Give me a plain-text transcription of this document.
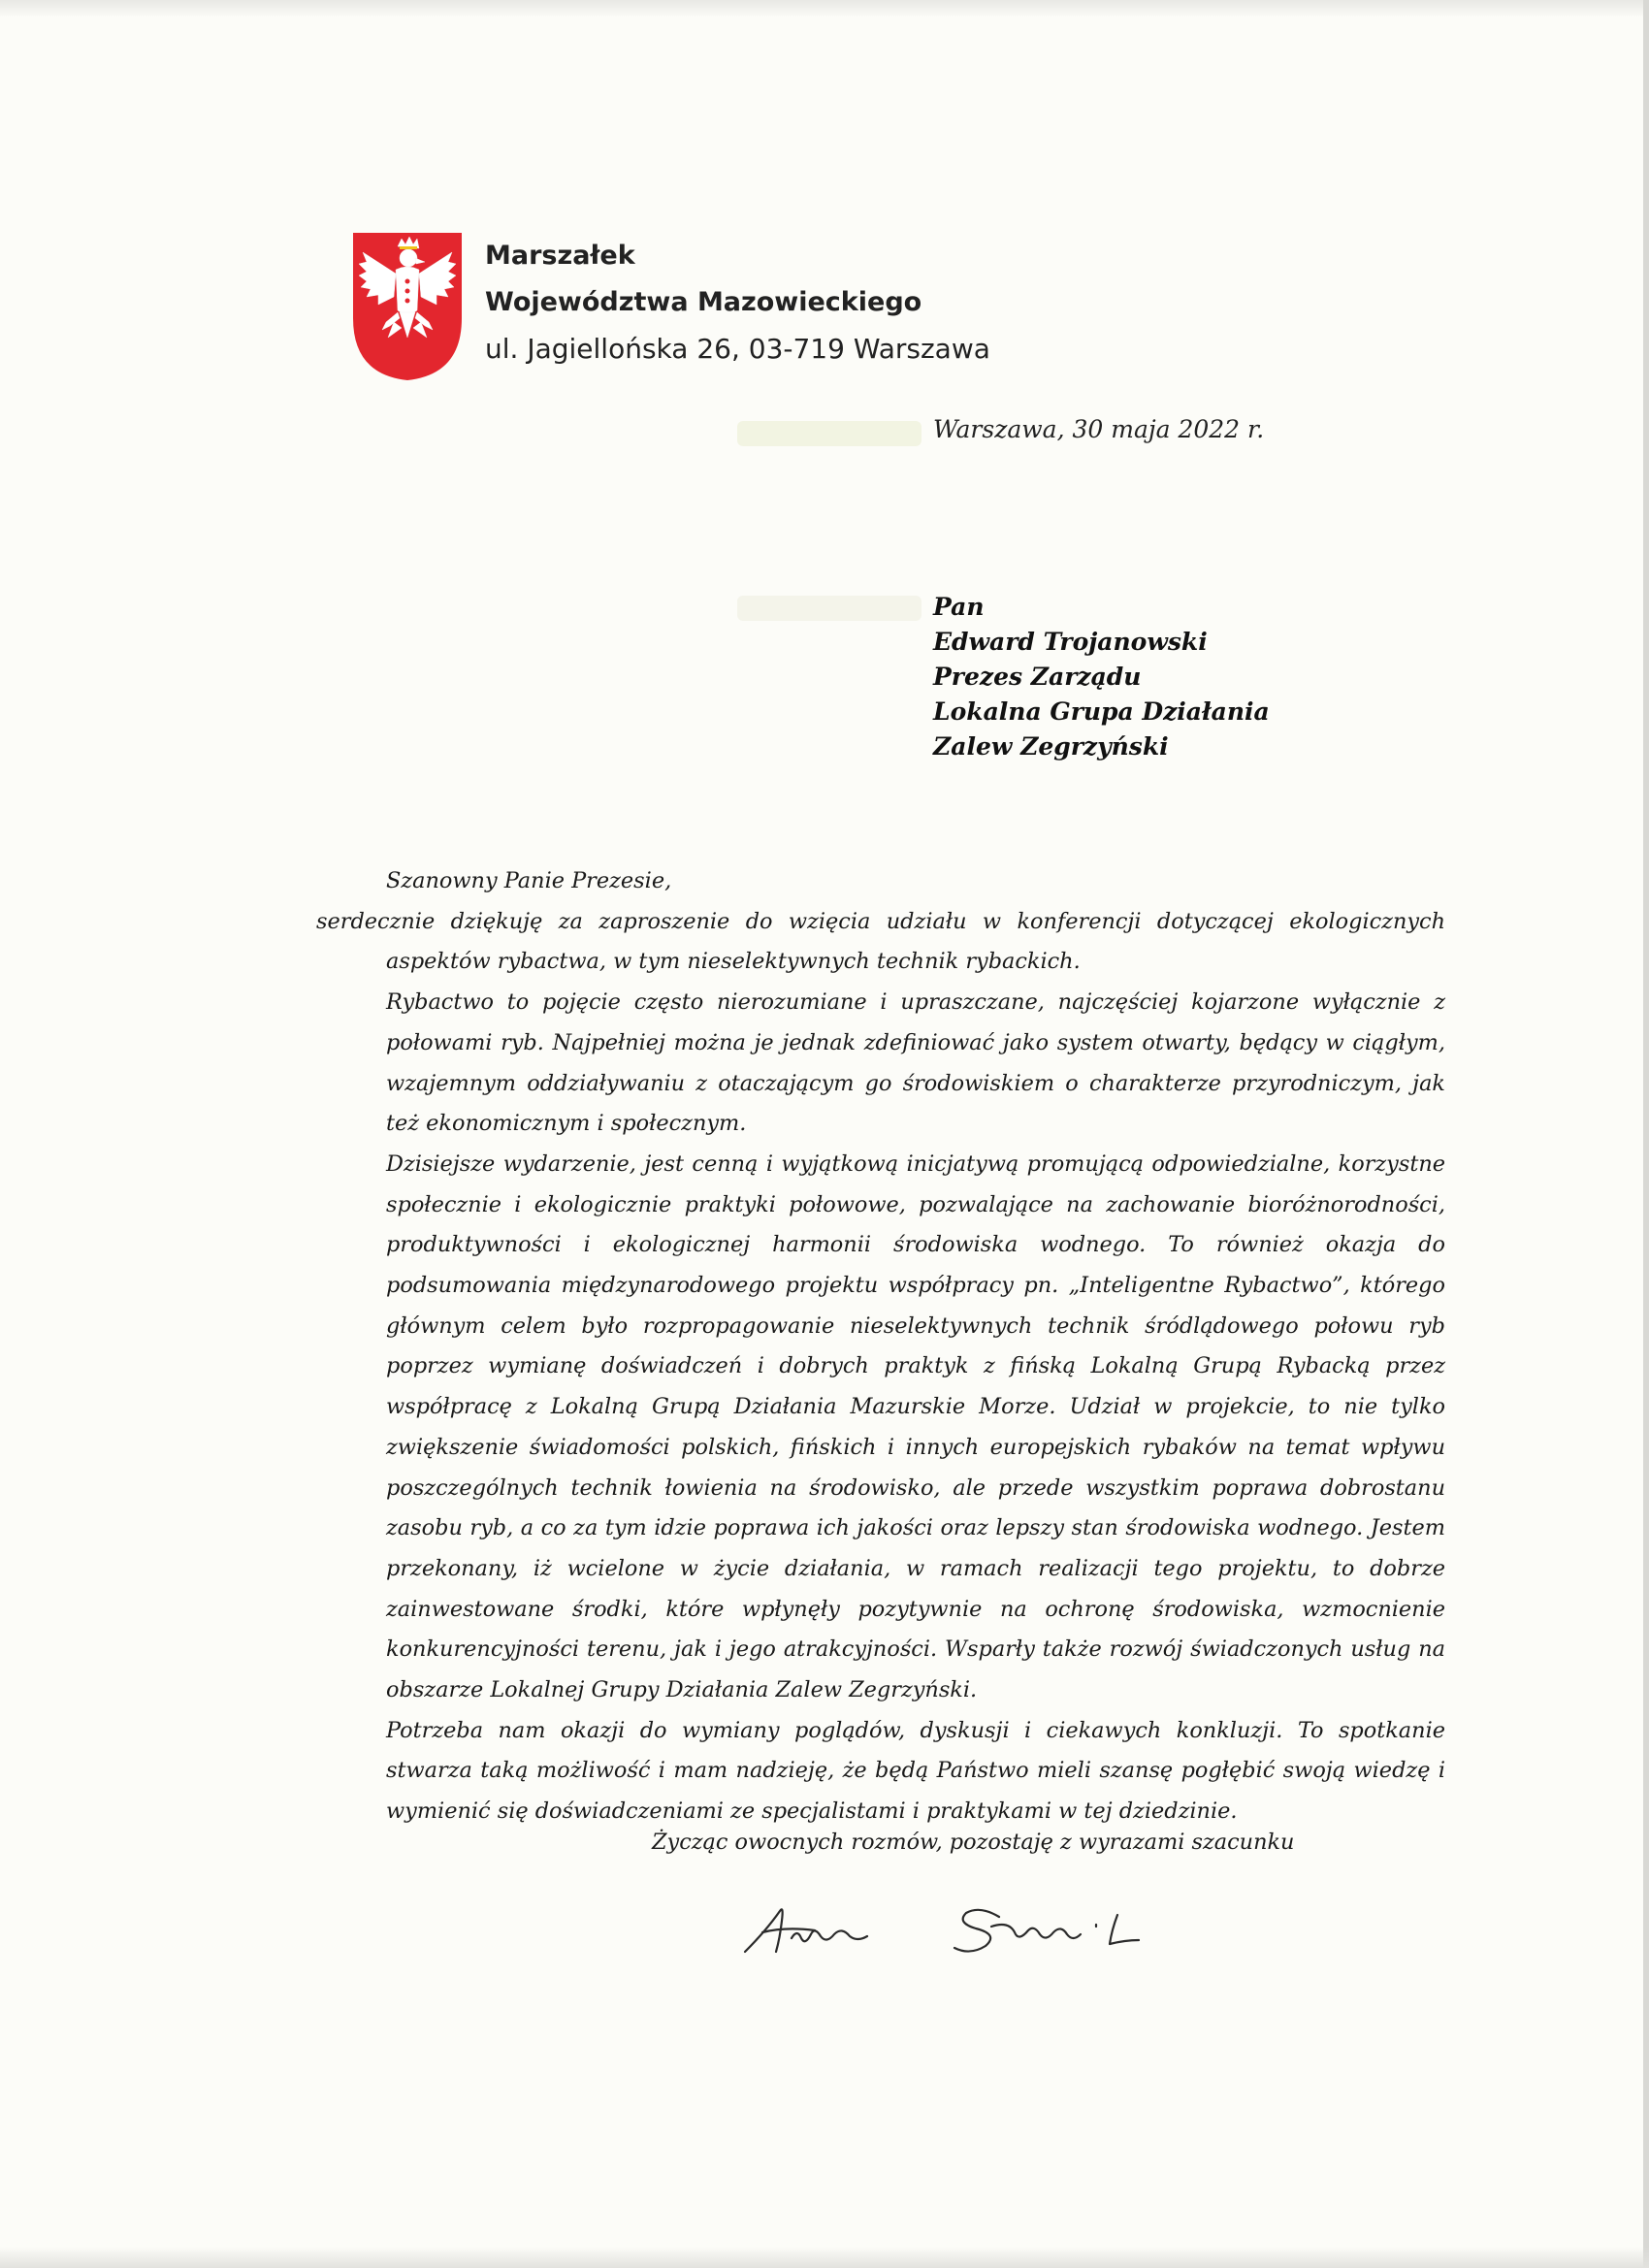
Marszałek
Województwa Mazowieckiego
ul. Jagiellońska 26, 03-719 Warszawa
Warszawa, 30 maja 2022 r.
Pan
Edward Trojanowski
Prezes Zarządu
Lokalna Grupa Działania
Zalew Zegrzyński

Szanowny Panie Prezesie,

serdecznie dziękuję za zaproszenie do wzięcia udziału w konferencji dotyczącej ekologicznych aspektów rybactwa, w tym nieselektywnych technik rybackich.

Rybactwo to pojęcie często nierozumiane i upraszczane, najczęściej kojarzone wyłącznie z połowami ryb. Najpełniej można je jednak zdefiniować jako system otwarty, będący w ciągłym, wzajemnym oddziaływaniu z otaczającym go środowiskiem o charakterze przyrodniczym, jak też ekonomicznym i społecznym.

Dzisiejsze wydarzenie, jest cenną i wyjątkową inicjatywą promującą odpowiedzialne, korzystne społecznie i ekologicznie praktyki połowowe, pozwalające na zachowanie bioróżnorodności, produktywności i ekologicznej harmonii środowiska wodnego. To również okazja do podsumowania międzynarodowego projektu współpracy pn. „Inteligentne Rybactwo”, którego głównym celem było rozpropagowanie nieselektywnych technik śródlądowego połowu ryb poprzez wymianę doświadczeń i dobrych praktyk z fińską Lokalną Grupą Rybacką przez współpracę z Lokalną Grupą Działania Mazurskie Morze. Udział w projekcie, to nie tylko zwiększenie świadomości polskich, fińskich i innych europejskich rybaków na temat wpływu poszczególnych technik łowienia na środowisko, ale przede wszystkim poprawa dobrostanu zasobu ryb, a co za tym idzie poprawa ich jakości oraz lepszy stan środowiska wodnego. Jestem przekonany, iż wcielone w życie działania, w ramach realizacji tego projektu, to dobrze zainwestowane środki, które wpłynęły pozytywnie na ochronę środowiska, wzmocnienie konkurencyjności terenu, jak i jego atrakcyjności. Wsparły także rozwój świadczonych usług na obszarze Lokalnej Grupy Działania Zalew Zegrzyński.

Potrzeba nam okazji do wymiany poglądów, dyskusji i ciekawych konkluzji. To spotkanie stwarza taką możliwość i mam nadzieję, że będą Państwo mieli szansę pogłębić swoją wiedzę i wymienić się doświadczeniami ze specjalistami i praktykami w tej dziedzinie.

Życząc owocnych rozmów, pozostaję z wyrazami szacunku
